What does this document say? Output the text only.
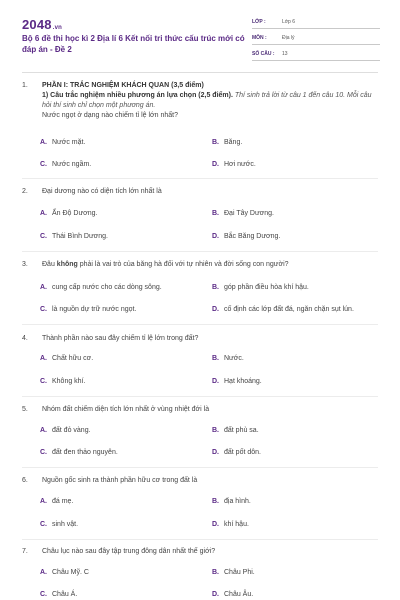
2048.vn
Bộ 6 đề thi học kì 2 Địa lí 6 Kết nối tri thức cấu trúc mới có đáp án - Đề 2
LỚP :	Lớp 6
MÔN :	Địa lý
SỐ CÂU :	13
1.	PHẦN I: TRẮC NGHIỆM KHÁCH QUAN (3,5 điểm)
1) Câu trắc nghiệm nhiều phương án lựa chọn (2,5 điểm). Thí sinh trả lời từ câu 1 đến câu 10. Mỗi câu hỏi thí sinh chỉ chọn một phương án.
Nước ngọt ở dạng nào chiếm tỉ lệ lớn nhất?
A. Nước mặt.	B. Băng.
C. Nước ngầm.	D. Hơi nước.
2.	Đại dương nào có diện tích lớn nhất là
A. Ấn Độ Dương.	B. Đại Tây Dương.
C. Thái Bình Dương.	D. Bắc Băng Dương.
3.	Đâu không phải là vai trò của băng hà đối với tự nhiên và đời sống con người?
A. cung cấp nước cho các dòng sông.	B. góp phần điều hòa khí hậu.
C. là nguồn dự trữ nước ngọt.	D. cố định các lớp đất đá, ngăn chặn sụt lún.
4.	Thành phần nào sau đây chiếm tỉ lệ lớn trong đất?
A. Chất hữu cơ.	B. Nước.
C. Không khí.	D. Hạt khoáng.
5.	Nhóm đất chiếm diện tích lớn nhất ở vùng nhiệt đới là
A. đất đỏ vàng.	B. đất phù sa.
C. đất đen thảo nguyên.	D. đất pốt dôn.
6.	Nguồn gốc sinh ra thành phần hữu cơ trong đất là
A. đá mẹ.	B. địa hình.
C. sinh vật.	D. khí hậu.
7.	Châu lục nào sau đây tập trung đông dân nhất thế giới?
A. Châu Mỹ. C	B. Châu Phi.
C. Châu Á.	D. Châu Âu.
